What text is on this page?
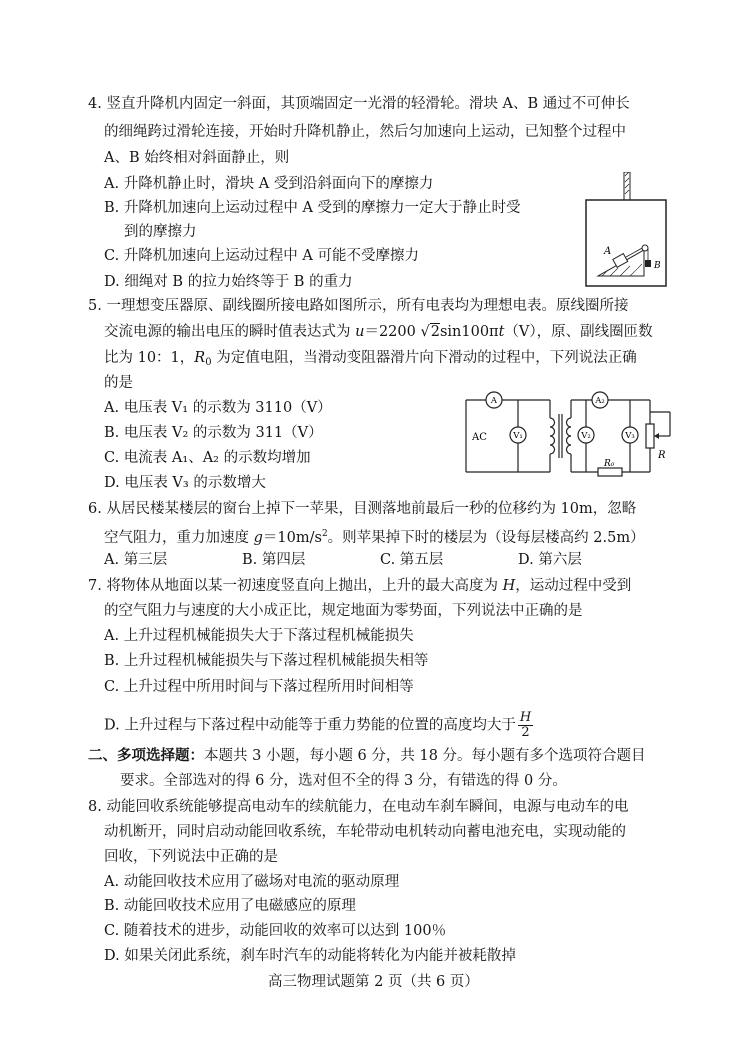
4. 竖直升降机内固定一斜面，其顶端固定一光滑的轻滑轮。滑块 A、B 通过不可伸长
的细绳跨过滑轮连接，开始时升降机静止，然后匀加速向上运动，已知整个过程中
A、B 始终相对斜面静止，则
A. 升降机静止时，滑块 A 受到沿斜面向下的摩擦力
B. 升降机加速向上运动过程中 A 受到的摩擦力一定大于静止时受
到的摩擦力
C. 升降机加速向上运动过程中 A 可能不受摩擦力
D. 细绳对 B 的拉力始终等于 B 的重力
A
B
5. 一理想变压器原、副线圈所接电路如图所示，所有电表均为理想电表。原线圈所接
交流电源的输出电压的瞬时值表达式为 u＝2200 √2sin100πt（V），原、副线圈匝数
比为 10：1，$R_0$ 为定值电阻，当滑动变阻器滑片向下滑动的过程中，下列说法正确
的是
A. 电压表 V₁ 的示数为 3110（V）
B. 电压表 V₂ 的示数为 311（V）
C. 电流表 A₁、A₂ 的示数均增加
D. 电压表 V₃ 的示数增大
A	A₂
V₁	V₂	V₃
AC
R₀
R
6. 从居民楼某楼层的窗台上掉下一苹果，目测落地前最后一秒的位移约为 10m，忽略
空气阻力，重力加速度 $g=10m/s^2$。则苹果掉下时的楼层为（设每层楼高约 2.5m）
A. 第三层	B. 第四层	C. 第五层	D. 第六层
7. 将物体从地面以某一初速度竖直向上抛出，上升的最大高度为 H，运动过程中受到
的空气阻力与速度的大小成正比，规定地面为零势面，下列说法中正确的是
A. 上升过程机械能损失大于下落过程机械能损失
B. 上升过程机械能损失与下落过程机械能损失相等
C. 上升过程中所用时间与下落过程所用时间相等
D. 上升过程与下落过程中动能等于重力势能的位置的高度均大于 $\frac{H}{2}$
二、多项选择题：本题共 3 小题，每小题 6 分，共 18 分。每小题有多个选项符合题目
要求。全部选对的得 6 分，选对但不全的得 3 分，有错选的得 0 分。
8. 动能回收系统能够提高电动车的续航能力，在电动车刹车瞬间，电源与电动车的电
动机断开，同时启动动能回收系统，车轮带动电机转动向蓄电池充电，实现动能的
回收，下列说法中正确的是
A. 动能回收技术应用了磁场对电流的驱动原理
B. 动能回收技术应用了电磁感应的原理
C. 随着技术的进步，动能回收的效率可以达到 100％
D. 如果关闭此系统，刹车时汽车的动能将转化为内能并被耗散掉
高三物理试题第 2 页（共 6 页）
